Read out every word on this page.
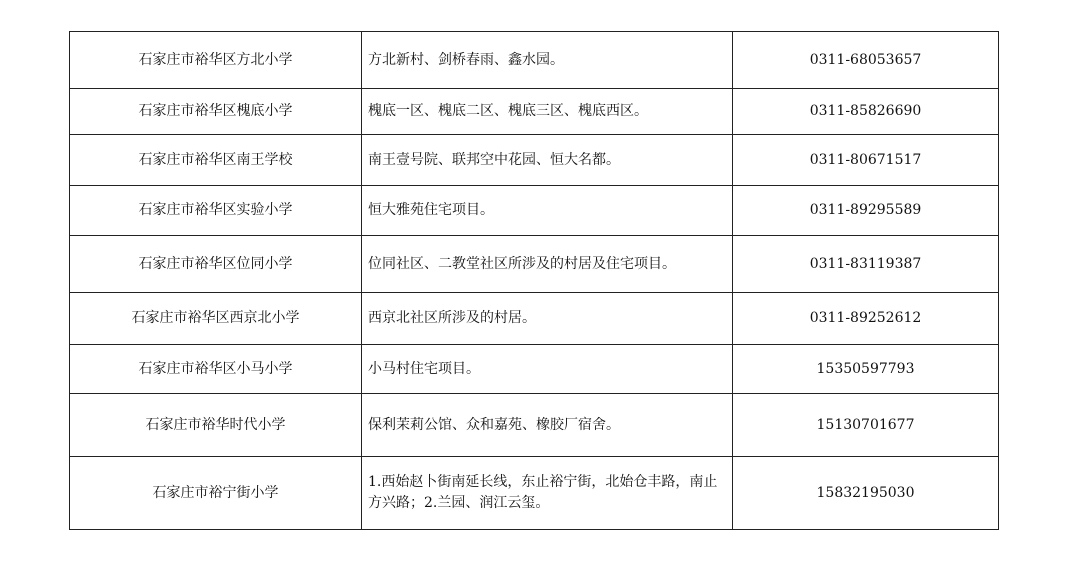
石家庄市裕华区方北小学	方北新村、剑桥春雨、鑫水园。	0311-68053657
石家庄市裕华区槐底小学	槐底一区、槐底二区、槐底三区、槐底西区。	0311-85826690
石家庄市裕华区南王学校	南王壹号院、联邦空中花园、恒大名都。	0311-80671517
石家庄市裕华区实验小学	恒大雅苑住宅项目。	0311-89295589
石家庄市裕华区位同小学	位同社区、二教堂社区所涉及的村居及住宅项目。	0311-83119387
石家庄市裕华区西京北小学	西京北社区所涉及的村居。	0311-89252612
石家庄市裕华区小马小学	小马村住宅项目。	15350597793
石家庄市裕华时代小学	保利茉莉公馆、众和嘉苑、橡胶厂宿舍。	15130701677
石家庄市裕宁街小学	1.西始赵卜街南延长线，东止裕宁街，北始仓丰路，南止方兴路；2.兰园、润江云玺。	15832195030
